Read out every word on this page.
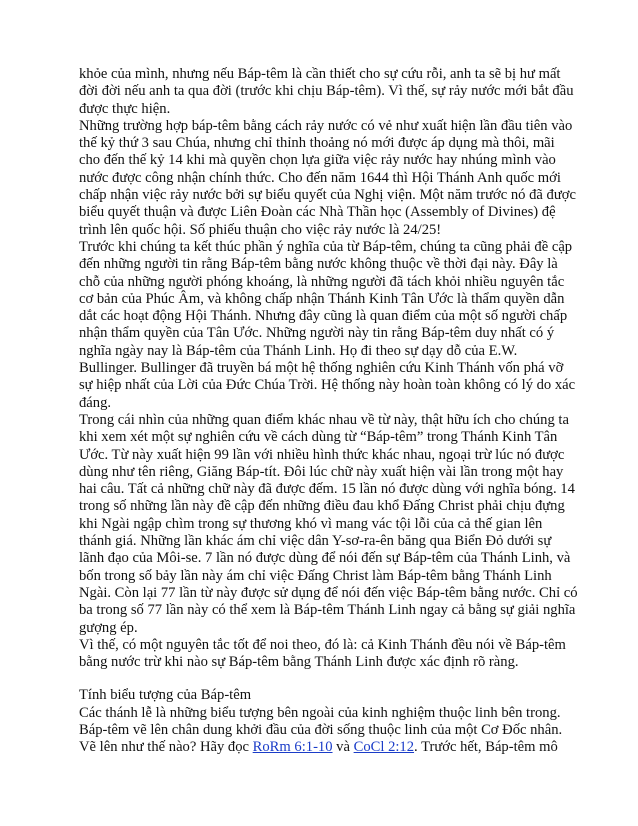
khỏe của mình, nhưng nếu Báp-têm là cần thiết cho sự cứu rỗi, anh ta sẽ bị hư mất đời đời nếu anh ta qua đời (trước khi chịu Báp-têm). Vì thế, sự rảy nước mới bắt đầu được thực hiện.

Những trường hợp báp-têm bằng cách rảy nước có vẻ như xuất hiện lần đầu tiên vào thế kỷ thứ 3 sau Chúa, nhưng chỉ thỉnh thoảng nó mới được áp dụng mà thôi, mãi cho đến thế kỷ 14 khi mà quyền chọn lựa giữa việc rảy nước hay nhúng mình vào nước được công nhận chính thức. Cho đến năm 1644 thì Hội Thánh Anh quốc mới chấp nhận việc rảy nước bởi sự biểu quyết của Nghị viện. Một năm trước nó đã được biểu quyết thuận và được Liên Đoàn các Nhà Thần học (Assembly of Divines) đệ trình lên quốc hội. Số phiếu thuận cho việc rảy nước là 24/25!

Trước khi chúng ta kết thúc phần ý nghĩa của từ Báp-têm, chúng ta cũng phải đề cập đến những người tin rằng Báp-têm bằng nước không thuộc về thời đại này. Đây là chỗ của những người phóng khoáng, là những người đã tách khỏi nhiều nguyên tắc cơ bản của Phúc Âm, và không chấp nhận Thánh Kinh Tân Ước là thẩm quyền dẫn dắt các hoạt động Hội Thánh. Nhưng đây cũng là quan điểm của một số người chấp nhận thẩm quyền của Tân Ước. Những người này tin rằng Báp-têm duy nhất có ý nghĩa ngày nay là Báp-têm của Thánh Linh. Họ đi theo sự dạy dỗ của E.W. Bullinger. Bullinger đã truyền bá một hệ thống nghiên cứu Kinh Thánh vốn phá vỡ sự hiệp nhất của Lời của Đức Chúa Trời. Hệ thống này hoàn toàn không có lý do xác đáng.

Trong cái nhìn của những quan điểm khác nhau về từ này, thật hữu ích cho chúng ta khi xem xét một sự nghiên cứu về cách dùng từ “Báp-têm” trong Thánh Kinh Tân Ước. Từ này xuất hiện 99 lần với nhiều hình thức khác nhau, ngoại trừ lúc nó được dùng như tên riêng, Giăng Báp-tít. Đôi lúc chữ này xuất hiện vài lần trong một hay hai câu. Tất cả những chữ này đã được đếm. 15 lần nó được dùng với nghĩa bóng. 14 trong số những lần này đề cập đến những điều đau khổ Đấng Christ phải chịu đựng khi Ngài ngập chìm trong sự thương khó vì mang vác tội lỗi của cả thế gian lên thánh giá. Những lần khác ám chỉ việc dân Y-sơ-ra-ên băng qua Biển Đỏ dưới sự lãnh đạo của Môi-se. 7 lần nó được dùng để nói đến sự Báp-têm của Thánh Linh, và bốn trong số bảy lần này ám chỉ việc Đấng Christ làm Báp-têm bằng Thánh Linh Ngài. Còn lại 77 lần từ này được sử dụng để nói đến việc Báp-têm bằng nước. Chỉ có ba trong số 77 lần này có thể xem là Báp-têm Thánh Linh ngay cả bằng sự giải nghĩa gượng ép.

Vì thế, có một nguyên tắc tốt để noi theo, đó là: cả Kinh Thánh đều nói về Báp-têm bằng nước trừ khi nào sự Báp-têm bằng Thánh Linh được xác định rõ ràng.

Tính biểu tượng của Báp-têm

Các thánh lễ là những biểu tượng bên ngoài của kinh nghiệm thuộc linh bên trong. Báp-têm vẽ lên chân dung khởi đầu của đời sống thuộc linh của một Cơ Đốc nhân. Vẽ lên như thế nào? Hãy đọc RoRm 6:1-10 và CoCl 2:12. Trước hết, Báp-têm mô
